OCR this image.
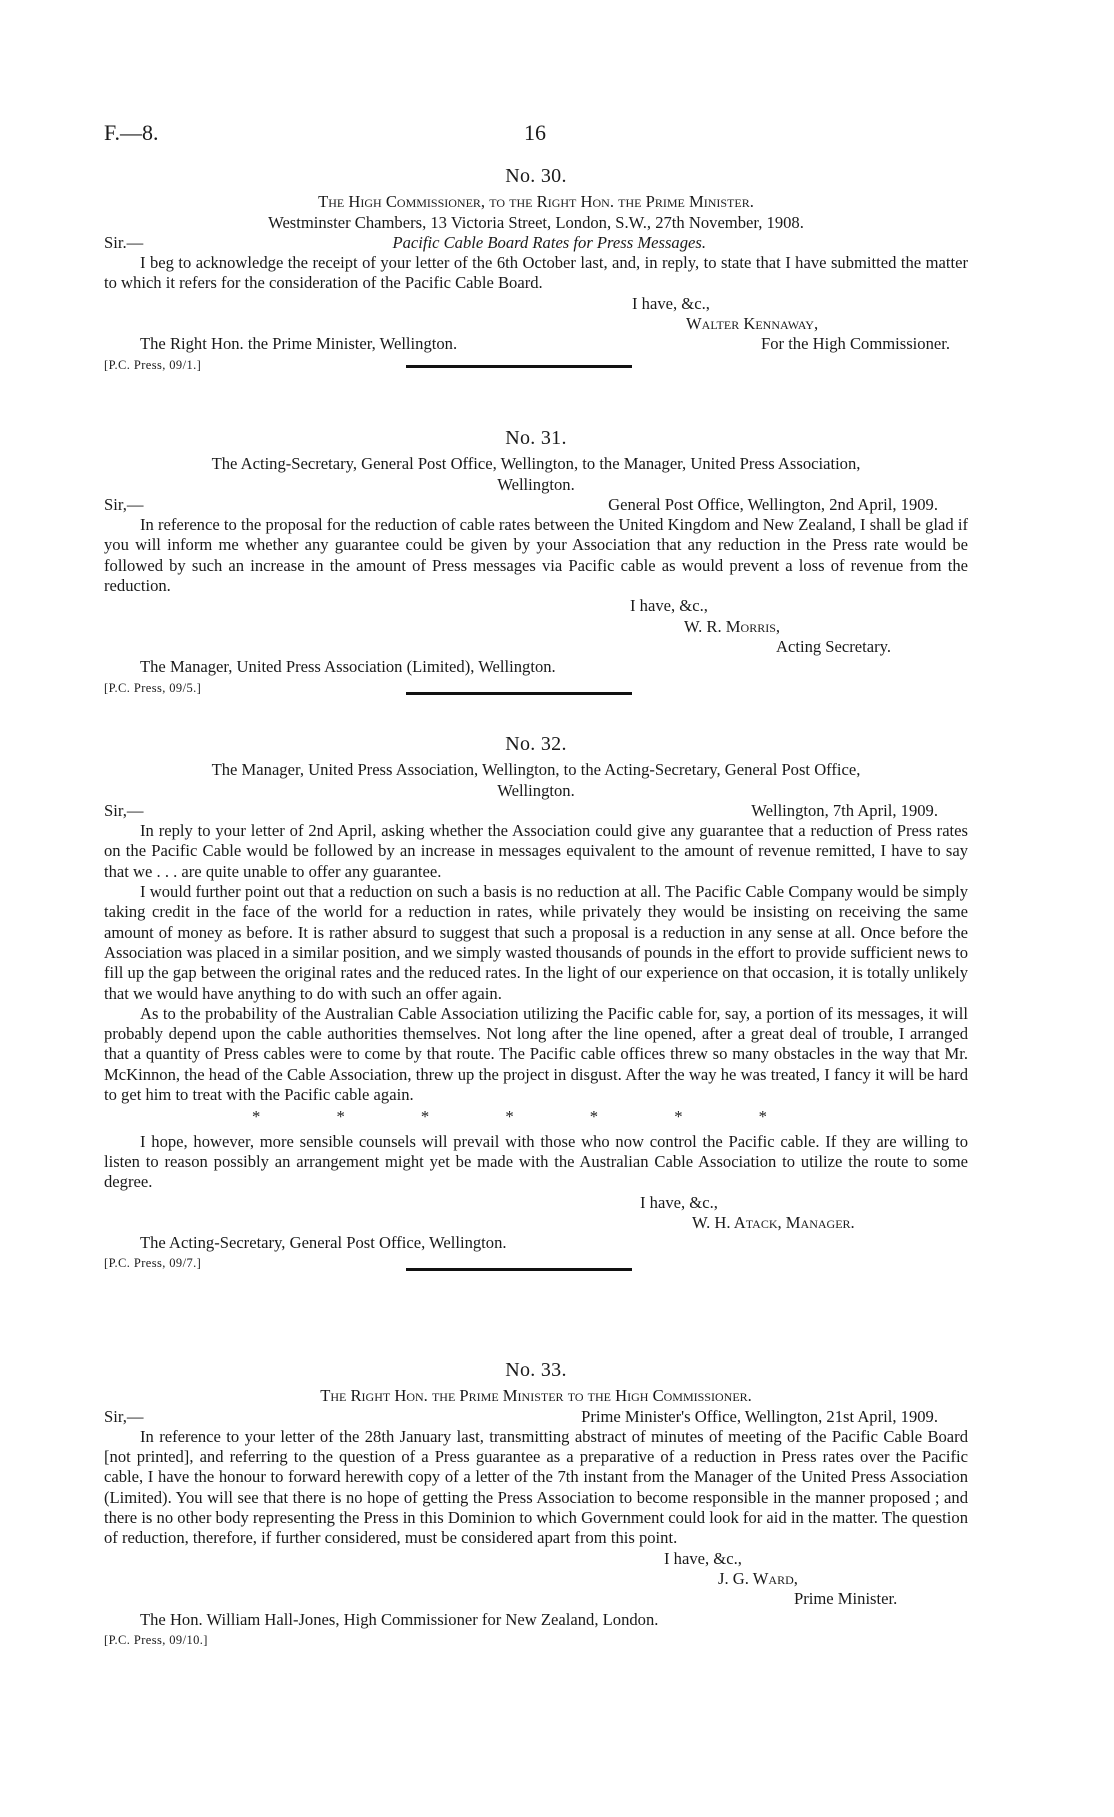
F.—8.	16
No. 30.
The High Commissioner, to the Right Hon. the Prime Minister.
Westminster Chambers, 13 Victoria Street, London, S.W., 27th November, 1908.
Sir.—	Pacific Cable Board Rates for Press Messages.

I beg to acknowledge the receipt of your letter of the 6th October last, and, in reply, to state that I have submitted the matter to which it refers for the consideration of the Pacific Cable Board.

I have, &c.,
Walter Kennaway,
The Right Hon. the Prime Minister, Wellington.	For the High Commissioner.
[P.C. Press, 09/1.]
No. 31.
The Acting-Secretary, General Post Office, Wellington, to the Manager, United Press Association,
Wellington.
Sir,—	General Post Office, Wellington, 2nd April, 1909.

In reference to the proposal for the reduction of cable rates between the United Kingdom and New Zealand, I shall be glad if you will inform me whether any guarantee could be given by your Association that any reduction in the Press rate would be followed by such an increase in the amount of Press messages via Pacific cable as would prevent a loss of revenue from the reduction.

I have, &c.,
W. R. Morris,
Acting Secretary.
The Manager, United Press Association (Limited), Wellington.
[P.C. Press, 09/5.]
No. 32.
The Manager, United Press Association, Wellington, to the Acting-Secretary, General Post Office,
Wellington.
Sir,—	Wellington, 7th April, 1909.

In reply to your letter of 2nd April, asking whether the Association could give any guarantee that a reduction of Press rates on the Pacific Cable would be followed by an increase in messages equivalent to the amount of revenue remitted, I have to say that we . . . are quite unable to offer any guarantee.

I would further point out that a reduction on such a basis is no reduction at all. The Pacific Cable Company would be simply taking credit in the face of the world for a reduction in rates, while privately they would be insisting on receiving the same amount of money as before. It is rather absurd to suggest that such a proposal is a reduction in any sense at all. Once before the Association was placed in a similar position, and we simply wasted thousands of pounds in the effort to provide sufficient news to fill up the gap between the original rates and the reduced rates. In the light of our experience on that occasion, it is totally unlikely that we would have anything to do with such an offer again.

As to the probability of the Australian Cable Association utilizing the Pacific cable for, say, a portion of its messages, it will probably depend upon the cable authorities themselves. Not long after the line opened, after a great deal of trouble, I arranged that a quantity of Press cables were to come by that route. The Pacific cable offices threw so many obstacles in the way that Mr. McKinnon, the head of the Cable Association, threw up the project in disgust. After the way he was treated, I fancy it will be hard to get him to treat with the Pacific cable again.

* * * * * * *

I hope, however, more sensible counsels will prevail with those who now control the Pacific cable. If they are willing to listen to reason possibly an arrangement might yet be made with the Australian Cable Association to utilize the route to some degree.

I have, &c.,
W. H. Atack, Manager.
The Acting-Secretary, General Post Office, Wellington.
[P.C. Press, 09/7.]
No. 33.
The Right Hon. the Prime Minister to the High Commissioner.
Sir,—	Prime Minister's Office, Wellington, 21st April, 1909.

In reference to your letter of the 28th January last, transmitting abstract of minutes of meeting of the Pacific Cable Board [not printed], and referring to the question of a Press guarantee as a preparative of a reduction in Press rates over the Pacific cable, I have the honour to forward herewith copy of a letter of the 7th instant from the Manager of the United Press Association (Limited). You will see that there is no hope of getting the Press Association to become responsible in the manner proposed ; and there is no other body representing the Press in this Dominion to which Government could look for aid in the matter. The question of reduction, therefore, if further considered, must be considered apart from this point.

I have, &c.,
J. G. Ward,
Prime Minister.
The Hon. William Hall-Jones, High Commissioner for New Zealand, London.
[P.C. Press, 09/10.]
